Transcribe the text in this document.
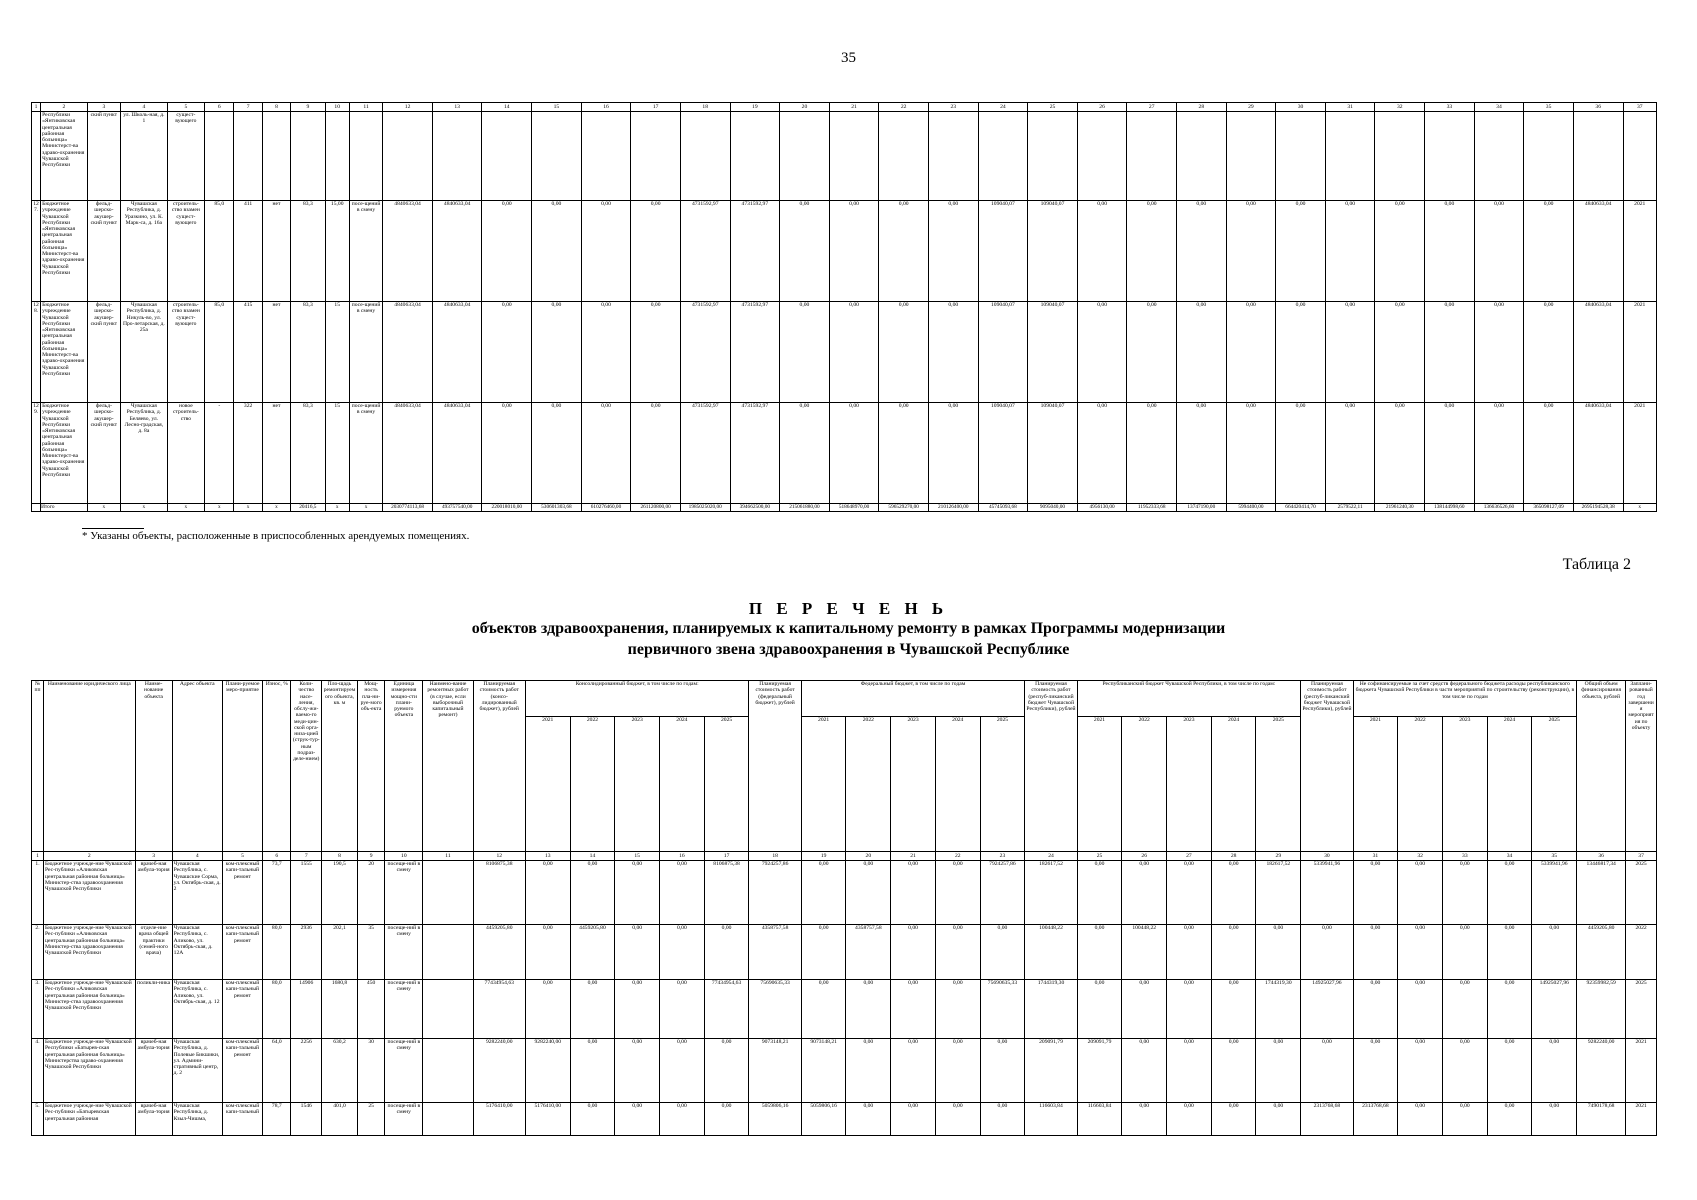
35
1	2	3	4	5	6	7	8	9	10	11	12	13	14	15	16	17	18	19	20	21	22	23	24	25	26	27	28	29	30	31	32	33	34	35	36	37
	Республики «Янтиковская центральная районная больница» Министерст-ва здраво-охранения Чувашской Республики	ский пункт	ул. Школь-ная, д. 1	сущест-вующего																																
127.	Бюджетное учреждение Чувашской Республики «Янтиковская центральная районная больница» Министерст-ва здраво-охранения Чувашской Республики	фельд-шерско-акушер-ский пункт	Чувашская Республика, д. Уразкино, ул. К. Марк-са, д. 16а	строитель-ство взамен сущест-вующего	85,0	411	нет	83,3	15,00	посе-щений в смену	4840633,04	4840633,04	0,00	0,00	0,00	0,00	4731592,97	4731592,97	0,00	0,00	0,00	0,00	109040,07	109040,07	0,00	0,00	0,00	0,00	0,00	0,00	0,00	0,00	0,00	0,00	4840633,04	2021
128.	Бюджетное учреждение Чувашской Республики «Янтиковская центральная районная больница» Министерст-ва здраво-охранения Чувашской Республики	фельд-шерско-акушер-ский пункт	Чувашская Республика, д. Никуль-во, ул. Про-летарская, д. 25а	строитель-ство взамен сущест-вующего	85,0	415	нет	83,3	15	посе-щений в смену	4840633,04	4840633,04	0,00	0,00	0,00	0,00	4731592,97	4731592,97	0,00	0,00	0,00	0,00	109040,07	109040,07	0,00	0,00	0,00	0,00	0,00	0,00	0,00	0,00	0,00	0,00	4840633,04	2021
129.	Бюджетное учреждение Чувашской Республики «Янтиковская центральная районная больница» Министерст-ва здраво-охранения Чувашской Республики	фельд-шерско-акушер-ский пункт	Чувашская Республика, д. Беляево, ул. Лесно-градская, д. 8а	новое строитель-ство	-	322	нет	83,3	15	посе-щений в смену	4840633,04	4840633,04	0,00	0,00	0,00	0,00	4731592,97	4731592,97	0,00	0,00	0,00	0,00	109040,07	109040,07	0,00	0,00	0,00	0,00	0,00	0,00	0,00	0,00	0,00	0,00	4840633,04	2021
	Итого	x	x	x	x	x	x	20416,5	x	x	2030774113,68	493757540,00	220018010,00	530601303,68	610276460,00	261120800,00	1985025020,00	394662500,00	215061880,00	518648970,00	596529270,00	210126400,00	45745093,68	9095040,00	4956130,00	11952333,68	13747190,00	5994400,00	664420414,70	2579522,11	21961240,30	138144998,60	136636526,60	365098127,09	2695194528,38	x
* Указаны объекты, расположенные в приспособленных арендуемых помещениях.
Таблица 2
П Е Р Е Ч Е Н Ь
объектов здравоохранения, планируемых к капитальному ремонту в рамках Программы модернизации
первичного звена здравоохранения в Чувашской Республике
№ пп	Наименование юридического лица	Наиме-нование объекта	Адрес объекта	Плани-руемое меро-приятие	Износ, %	Коли-чество насе-ления, обслу-жи-ваемо-го меди-цин-ской орга-низа-цией (струк-тур-ным подраз-деле-нием)	Пло-щадь ремонтируемого объекта, кв. м	Мощ-ность пла-ни-руе-мого объ-екта	Единица измерения мощно-сти плани-руемого объекта	Наимено-вание ремонтных работ (в случае, если выборочный капитальный ремонт)	Планируемая стоимость работ (консо-лидированный бюджет), рублей	Консолидированный бюджет, в том числе по годам:					Планируемая стоимость работ (федеральный бюджет), рублей	Федеральный бюджет, в том числе по годам					Планируемая стоимость работ (респуб-ликанский бюджет Чувашской Республики), рублей	Республиканский бюджет Чувашской Республики, в том числе по годам:					Планируемая стоимость работ (респуб-ликанский бюджет Чувашской Республики), рублей	Не софинансируемые за счет средств федерального бюджета расходы республиканского бюджета Чувашской Республики в части мероприятий по строительству (реконструкции), в том числе по годам					Общий объем финансирования объекта, рублей	Заплани-рованный год завершения мероприятия по объекту
												2021	2022	2023	2024	2025		2021	2022	2023	2024	2025		2021	2022	2023	2024	2025		2021	2022	2023	2024	2025		
1	2	3	4	5	6	7	8	9	10	11	12	13	14	15	16	17	18	19	20	21	22	23	24	25	26	27	28	29	30	31	32	33	34	35	36	37
1.	Бюджетное учрежде-ние Чувашской Рес-публики «Аликовская центральная районная больница» Министер-ства здравоохранения Чувашской Республики	врачеб-ная амбула-тория	Чувашская Республика, с. Чувашские Сорма, ул. Октябрь-ская, д. 2	ком-плексный капи-тальный ремонт	73,7	1555	190,5	20	посеще-ний в смену		8106875,38	0,00	0,00	0,00	0,00	8106875,38	7924257,86	0,00	0,00	0,00	0,00	7924257,86	182617,52	0,00	0,00	0,00	0,00	182617,52	5339941,96	0,00	0,00	0,00	0,00	5339941,96	13446817,34	2025
2.	Бюджетное учрежде-ние Чувашской Рес-публики «Аликовская центральная районная больница» Министер-ства здравоохранения Чувашской Республики	отделе-ние врача общей практики (семей-ного врача)	Чувашская Республика, с. Аликово, ул. Октябрь-ская, д. 12А	ком-плексный капи-тальный ремонт	80,0	2936	202,1	35	посеще-ний в смену		4459205,80	0,00	4459205,80	0,00	0,00	0,00	4358757,58	0,00	4358757,58	0,00	0,00	0,00	100448,22	0,00	100448,22	0,00	0,00	0,00	0,00	0,00	0,00	0,00	0,00	0,00	4459205,80	2022
3.	Бюджетное учрежде-ние Чувашской Рес-публики «Аликовская центральная районная больница» Министер-ства здравоохранения Чувашской Республики	поликли-ника	Чувашская Республика, с. Аликово, ул. Октябрь-ская, д. 12	ком-плексный капи-тальный ремонт	80,0	14906	1680,8	450	посеще-ний в смену		77434954,63	0,00	0,00	0,00	0,00	77434954,63	75690635,33	0,00	0,00	0,00	0,00	75690635,33	1744319,30	0,00	0,00	0,00	0,00	1744319,30	14925027,96	0,00	0,00	0,00	0,00	14925027,96	92359982,59	2025
4.	Бюджетное учрежде-ние Чувашской Республики «Батырев-ская центральная районная больница» Министерства здраво-охранения Чувашской Республики	врачеб-ная амбула-тория	Чувашская Республика, д. Полевые Бикшики, ул. Админи-стративный центр, д. 2	ком-плексный капи-тальный ремонт	64,0	2256	630,2	30	посеще-ний в смену		9282240,00	9282240,00	0,00	0,00	0,00	0,00	9073148,21	9073148,21	0,00	0,00	0,00	0,00	209091,79	209091,79	0,00	0,00	0,00	0,00	0,00	0,00	0,00	0,00	0,00	0,00	9282240,00	2021
5.	Бюджетное учрежде-ние Чувашской Рес-публики «Батыревская центральная районная	врачеб-ная амбула-тория	Чувашская Республика, д. Кзыл-Чишма,	ком-плексный капи-тальный	78,7	1546	401,0	25	посеще-ний в смену		5176410,00	5176410,00	0,00	0,00	0,00	0,00	5059806,16	5059806,16	0,00	0,00	0,00	0,00	116603,84	116603,84	0,00	0,00	0,00	0,00	2313768,68	2313768,68	0,00	0,00	0,00	0,00	7490178,68	2021
